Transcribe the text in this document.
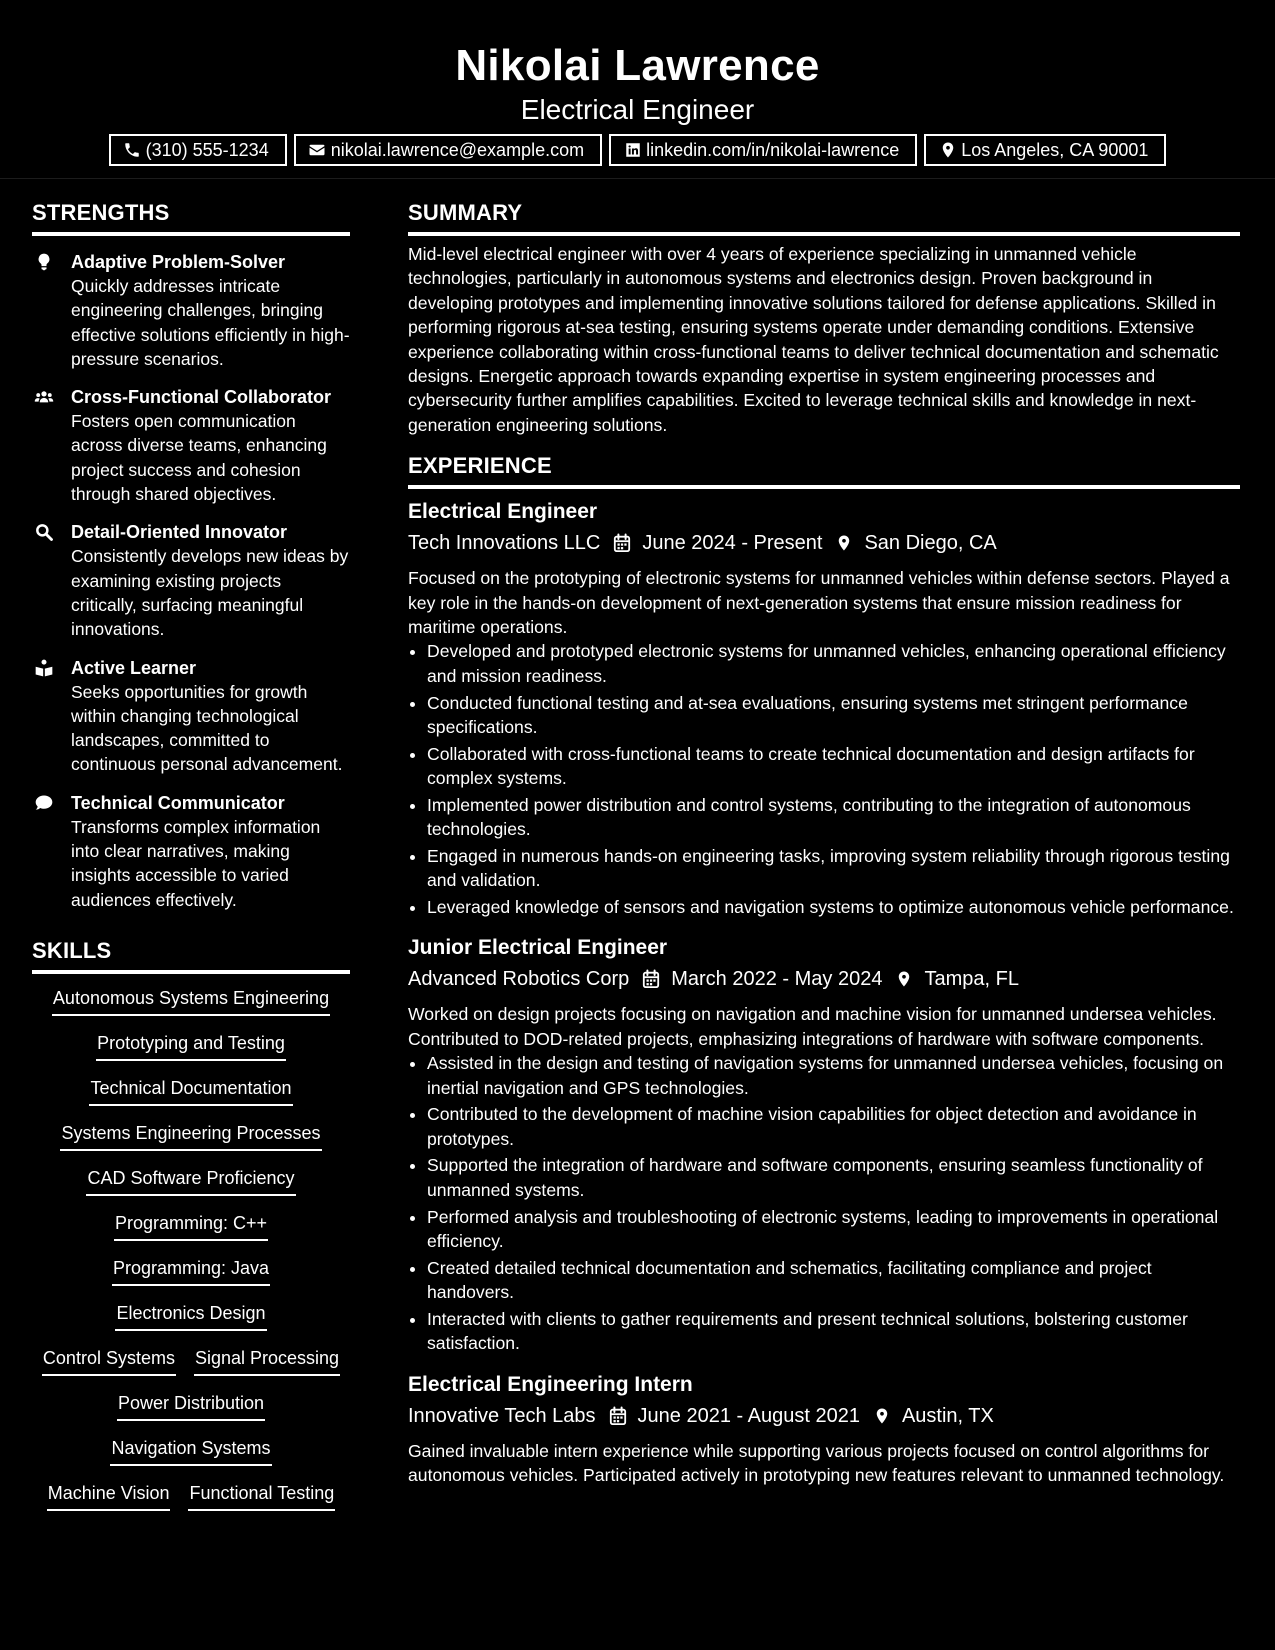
Nikolai Lawrence
Electrical Engineer
(310) 555-1234	nikolai.lawrence@example.com	linkedin.com/in/nikolai-lawrence	Los Angeles, CA 90001
STRENGTHS
Adaptive Problem-Solver
Quickly addresses intricate engineering challenges, bringing effective solutions efficiently in high-pressure scenarios.
Cross-Functional Collaborator
Fosters open communication across diverse teams, enhancing project success and cohesion through shared objectives.
Detail-Oriented Innovator
Consistently develops new ideas by examining existing projects critically, surfacing meaningful innovations.
Active Learner
Seeks opportunities for growth within changing technological landscapes, committed to continuous personal advancement.
Technical Communicator
Transforms complex information into clear narratives, making insights accessible to varied audiences effectively.
SKILLS
Autonomous Systems Engineering
Prototyping and Testing
Technical Documentation
Systems Engineering Processes
CAD Software Proficiency
Programming: C++
Programming: Java
Electronics Design
Control Systems Signal Processing
Power Distribution
Navigation Systems
Machine Vision Functional Testing
SUMMARY
Mid-level electrical engineer with over 4 years of experience specializing in unmanned vehicle technologies, particularly in autonomous systems and electronics design. Proven background in developing prototypes and implementing innovative solutions tailored for defense applications. Skilled in performing rigorous at-sea testing, ensuring systems operate under demanding conditions. Extensive experience collaborating within cross-functional teams to deliver technical documentation and schematic designs. Energetic approach towards expanding expertise in system engineering processes and cybersecurity further amplifies capabilities. Excited to leverage technical skills and knowledge in next-generation engineering solutions.
EXPERIENCE
Electrical Engineer
Tech Innovations LLC June 2024 - Present San Diego, CA
Focused on the prototyping of electronic systems for unmanned vehicles within defense sectors. Played a key role in the hands-on development of next-generation systems that ensure mission readiness for maritime operations.
• Developed and prototyped electronic systems for unmanned vehicles, enhancing operational efficiency and mission readiness.
• Conducted functional testing and at-sea evaluations, ensuring systems met stringent performance specifications.
• Collaborated with cross-functional teams to create technical documentation and design artifacts for complex systems.
• Implemented power distribution and control systems, contributing to the integration of autonomous technologies.
• Engaged in numerous hands-on engineering tasks, improving system reliability through rigorous testing and validation.
• Leveraged knowledge of sensors and navigation systems to optimize autonomous vehicle performance.
Junior Electrical Engineer
Advanced Robotics Corp March 2022 - May 2024 Tampa, FL
Worked on design projects focusing on navigation and machine vision for unmanned undersea vehicles. Contributed to DOD-related projects, emphasizing integrations of hardware with software components.
• Assisted in the design and testing of navigation systems for unmanned undersea vehicles, focusing on inertial navigation and GPS technologies.
• Contributed to the development of machine vision capabilities for object detection and avoidance in prototypes.
• Supported the integration of hardware and software components, ensuring seamless functionality of unmanned systems.
• Performed analysis and troubleshooting of electronic systems, leading to improvements in operational efficiency.
• Created detailed technical documentation and schematics, facilitating compliance and project handovers.
• Interacted with clients to gather requirements and present technical solutions, bolstering customer satisfaction.
Electrical Engineering Intern
Innovative Tech Labs June 2021 - August 2021 Austin, TX
Gained invaluable intern experience while supporting various projects focused on control algorithms for autonomous vehicles. Participated actively in prototyping new features relevant to unmanned technology.
